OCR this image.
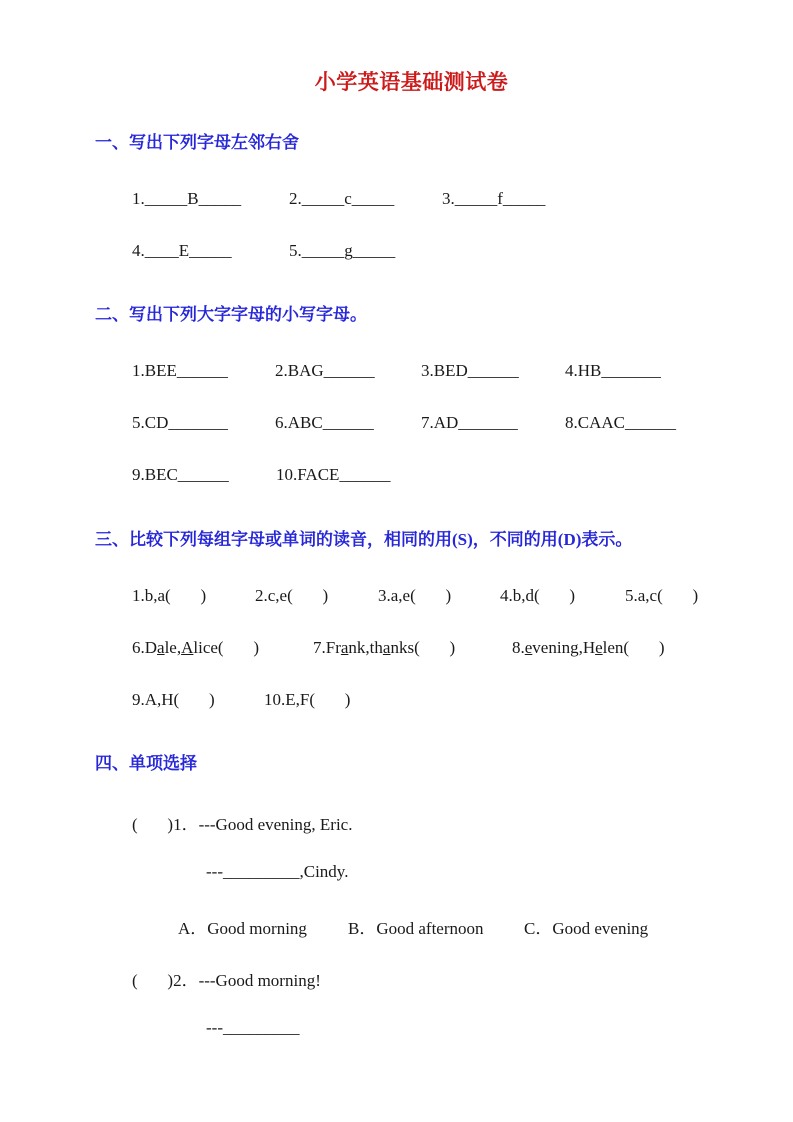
小学英语基础测试卷
一、写出下列字母左邻右舍
1._____B_____	2._____c_____	3._____f_____
4.____E_____	5._____g_____
二、写出下列大字字母的小写字母。
1.BEE______	2.BAG______	3.BED______	4.HB_______
5.CD_______	6.ABC______	7.AD_______	8.CAAC______
9.BEC______	10.FACE______
三、比较下列每组字母或单词的读音，相同的用(S)，不同的用(D)表示。
1.b,a(       )	2.c,e(       )	3.a,e(       )	4.b,d(       )	5.a,c(       )
6.Dale,Alice(       )	7.Frank,thanks(       )	8.evening,Helen(       )
9.A,H(       )	10.E,F(       )
四、单项选择
(       )1．---Good evening, Eric.
---_________,Cindy.
A．Good morning B．Good afternoon C．Good evening
(       )2．---Good morning!
---_________
